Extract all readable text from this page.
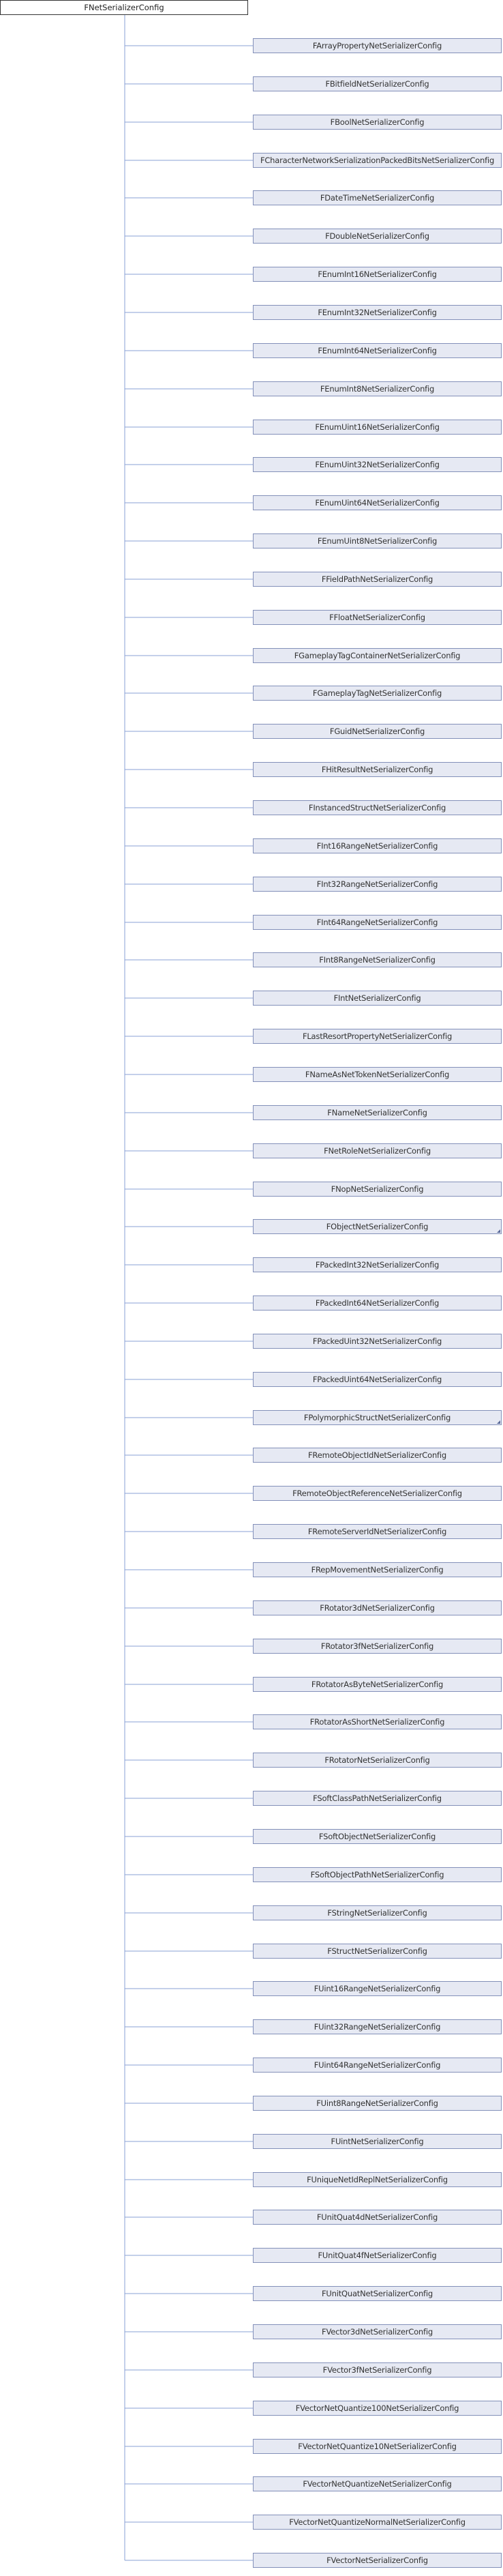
FNetSerializerConfig
FArrayPropertyNetSerializerConfig
FBitfieldNetSerializerConfig
FBoolNetSerializerConfig
FCharacterNetworkSerializationPackedBitsNetSerializerConfig
FDateTimeNetSerializerConfig
FDoubleNetSerializerConfig
FEnumInt16NetSerializerConfig
FEnumInt32NetSerializerConfig
FEnumInt64NetSerializerConfig
FEnumInt8NetSerializerConfig
FEnumUint16NetSerializerConfig
FEnumUint32NetSerializerConfig
FEnumUint64NetSerializerConfig
FEnumUint8NetSerializerConfig
FFieldPathNetSerializerConfig
FFloatNetSerializerConfig
FGameplayTagContainerNetSerializerConfig
FGameplayTagNetSerializerConfig
FGuidNetSerializerConfig
FHitResultNetSerializerConfig
FInstancedStructNetSerializerConfig
FInt16RangeNetSerializerConfig
FInt32RangeNetSerializerConfig
FInt64RangeNetSerializerConfig
FInt8RangeNetSerializerConfig
FIntNetSerializerConfig
FLastResortPropertyNetSerializerConfig
FNameAsNetTokenNetSerializerConfig
FNameNetSerializerConfig
FNetRoleNetSerializerConfig
FNopNetSerializerConfig
FObjectNetSerializerConfig
FPackedInt32NetSerializerConfig
FPackedInt64NetSerializerConfig
FPackedUint32NetSerializerConfig
FPackedUint64NetSerializerConfig
FPolymorphicStructNetSerializerConfig
FRemoteObjectIdNetSerializerConfig
FRemoteObjectReferenceNetSerializerConfig
FRemoteServerIdNetSerializerConfig
FRepMovementNetSerializerConfig
FRotator3dNetSerializerConfig
FRotator3fNetSerializerConfig
FRotatorAsByteNetSerializerConfig
FRotatorAsShortNetSerializerConfig
FRotatorNetSerializerConfig
FSoftClassPathNetSerializerConfig
FSoftObjectNetSerializerConfig
FSoftObjectPathNetSerializerConfig
FStringNetSerializerConfig
FStructNetSerializerConfig
FUint16RangeNetSerializerConfig
FUint32RangeNetSerializerConfig
FUint64RangeNetSerializerConfig
FUint8RangeNetSerializerConfig
FUintNetSerializerConfig
FUniqueNetIdReplNetSerializerConfig
FUnitQuat4dNetSerializerConfig
FUnitQuat4fNetSerializerConfig
FUnitQuatNetSerializerConfig
FVector3dNetSerializerConfig
FVector3fNetSerializerConfig
FVectorNetQuantize100NetSerializerConfig
FVectorNetQuantize10NetSerializerConfig
FVectorNetQuantizeNetSerializerConfig
FVectorNetQuantizeNormalNetSerializerConfig
FVectorNetSerializerConfig
